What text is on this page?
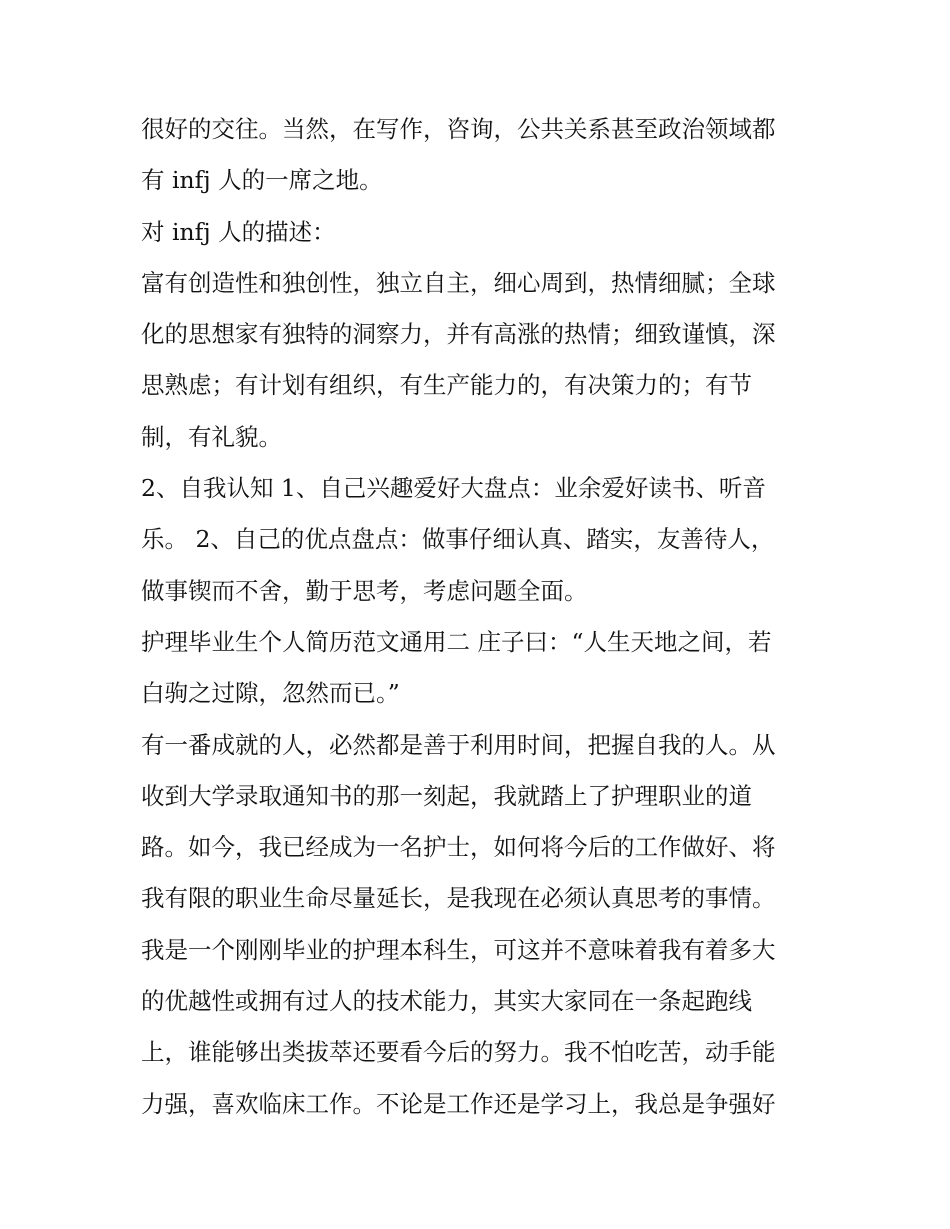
很好的交往。当然，在写作，咨询，公共关系甚至政治领域都
有 infj 人的一席之地。
对 infj 人的描述：
富有创造性和独创性，独立自主，细心周到，热情细腻；全球
化的思想家有独特的洞察力，并有高涨的热情；细致谨慎，深
思熟虑；有计划有组织，有生产能力的，有决策力的；有节
制，有礼貌。
2、自我认知 1、自己兴趣爱好大盘点：业余爱好读书、听音
乐。 2、自己的优点盘点：做事仔细认真、踏实，友善待人，
做事锲而不舍，勤于思考，考虑问题全面。
护理毕业生个人简历范文通用二 庄子曰：“人生天地之间，若
白驹之过隙，忽然而已。”
有一番成就的人，必然都是善于利用时间，把握自我的人。从
收到大学录取通知书的那一刻起，我就踏上了护理职业的道
路。如今，我已经成为一名护士，如何将今后的工作做好、将
我有限的职业生命尽量延长，是我现在必须认真思考的事情。
我是一个刚刚毕业的护理本科生，可这并不意味着我有着多大
的优越性或拥有过人的技术能力，其实大家同在一条起跑线
上，谁能够出类拔萃还要看今后的努力。我不怕吃苦，动手能
力强，喜欢临床工作。不论是工作还是学习上，我总是争强好
